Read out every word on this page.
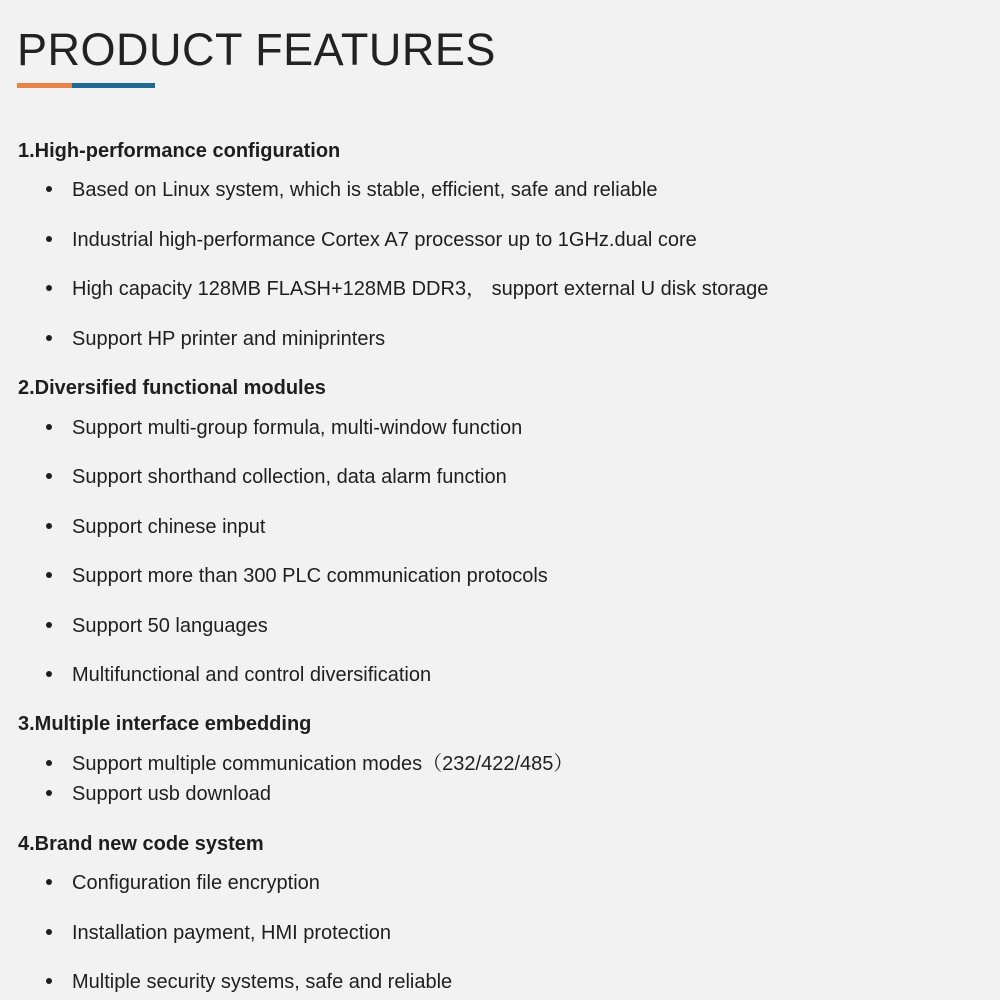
PRODUCT FEATURES
1.High-performance configuration
Based on Linux system, which is stable, efficient, safe and reliable
Industrial high-performance Cortex A7 processor up to 1GHz.dual core
High capacity 128MB FLASH+128MB DDR3， support external U disk storage
Support HP printer and miniprinters
2.Diversified functional modules
Support multi-group formula, multi-window function
Support shorthand collection, data alarm function
Support chinese input
Support more than 300 PLC communication protocols
Support 50 languages
Multifunctional and control diversification
3.Multiple interface embedding
Support multiple communication modes（232/422/485）
Support usb download
4.Brand new code system
Configuration file encryption
Installation payment, HMI protection
Multiple security systems, safe and reliable
